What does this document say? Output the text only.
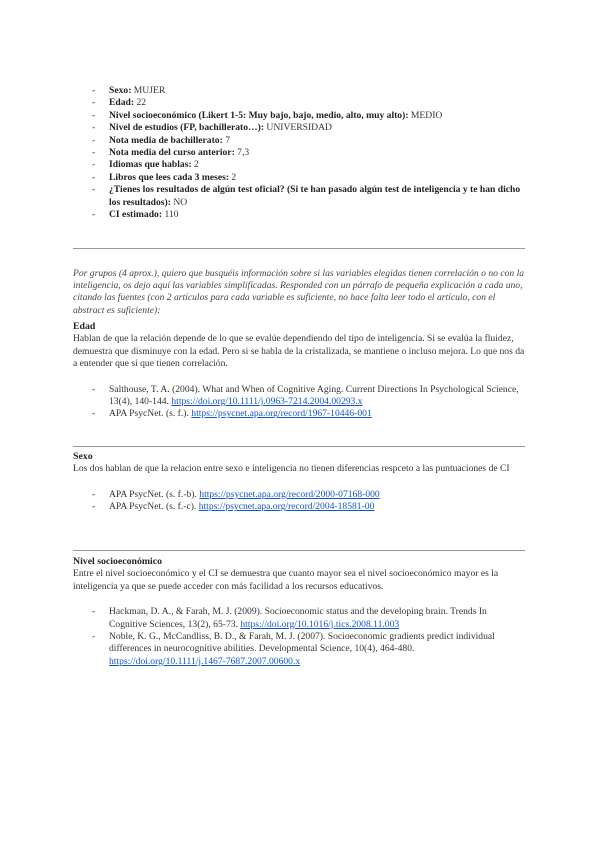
- Sexo: MUJER
- Edad: 22
- Nivel socioeconómico (Likert 1-5: Muy bajo, bajo, medio, alto, muy alto): MEDIO
- Nivel de estudios (FP, bachillerato…): UNIVERSIDAD
- Nota media de bachillerato: 7
- Nota media del curso anterior: 7,3
- Idiomas que hablas: 2
- Libros que lees cada 3 meses: 2
- ¿Tienes los resultados de algún test oficial? (Si te han pasado algún test de inteligencia y te han dicho los resultados): NO
- CI estimado: 110

Por grupos (4 aprox.), quiero que busquéis información sobre si las variables elegidas tienen correlación o no con la inteligencia, os dejo aquí las variables simplificadas. Responded con un párrafo de pequeña explicación a cada uno, citando las fuentes (con 2 artículos para cada variable es suficiente, no hace falta leer todo el artículo, con el abstract es suficiente):

Edad

Hablan de que la relación depende de lo que se evalúe dependiendo del tipo de inteligencia. Si se evalúa la fluidez, demuestra que disminuye con la edad. Pero si se habla de la cristalizada, se mantiene o incluso mejora. Lo que nos da a entender que sí que tienen correlación.

- Salthouse, T. A. (2004). What and When of Cognitive Aging. Current Directions In Psychological Science, 13(4), 140-144. https://doi.org/10.1111/j.0963-7214.2004.00293.x
- APA PsycNet. (s. f.). https://psycnet.apa.org/record/1967-10446-001
Sexo

Los dos hablan de que la relacion entre sexo e inteligencia no tienen diferencias respceto a las puntuaciones de CI

- APA PsycNet. (s. f.-b). https://psycnet.apa.org/record/2000-07168-000
- APA PsycNet. (s. f.-c). https://psycnet.apa.org/record/2004-18581-00
Nivel socioeconómico

Entre el nivel socioeconómico y el CI se demuestra que cuanto mayor sea el nivel socioeconómico mayor es la inteligencia ya que se puede acceder con más facilidad a los recursos educativos.

- Hackman, D. A., & Farah, M. J. (2009). Socioeconomic status and the developing brain. Trends In Cognitive Sciences, 13(2), 65-73. https://doi.org/10.1016/j.tics.2008.11.003
- Noble, K. G., McCandliss, B. D., & Farah, M. J. (2007). Socioeconomic gradients predict individual differences in neurocognitive abilities. Developmental Science, 10(4), 464-480. https://doi.org/10.1111/j.1467-7687.2007.00600.x
